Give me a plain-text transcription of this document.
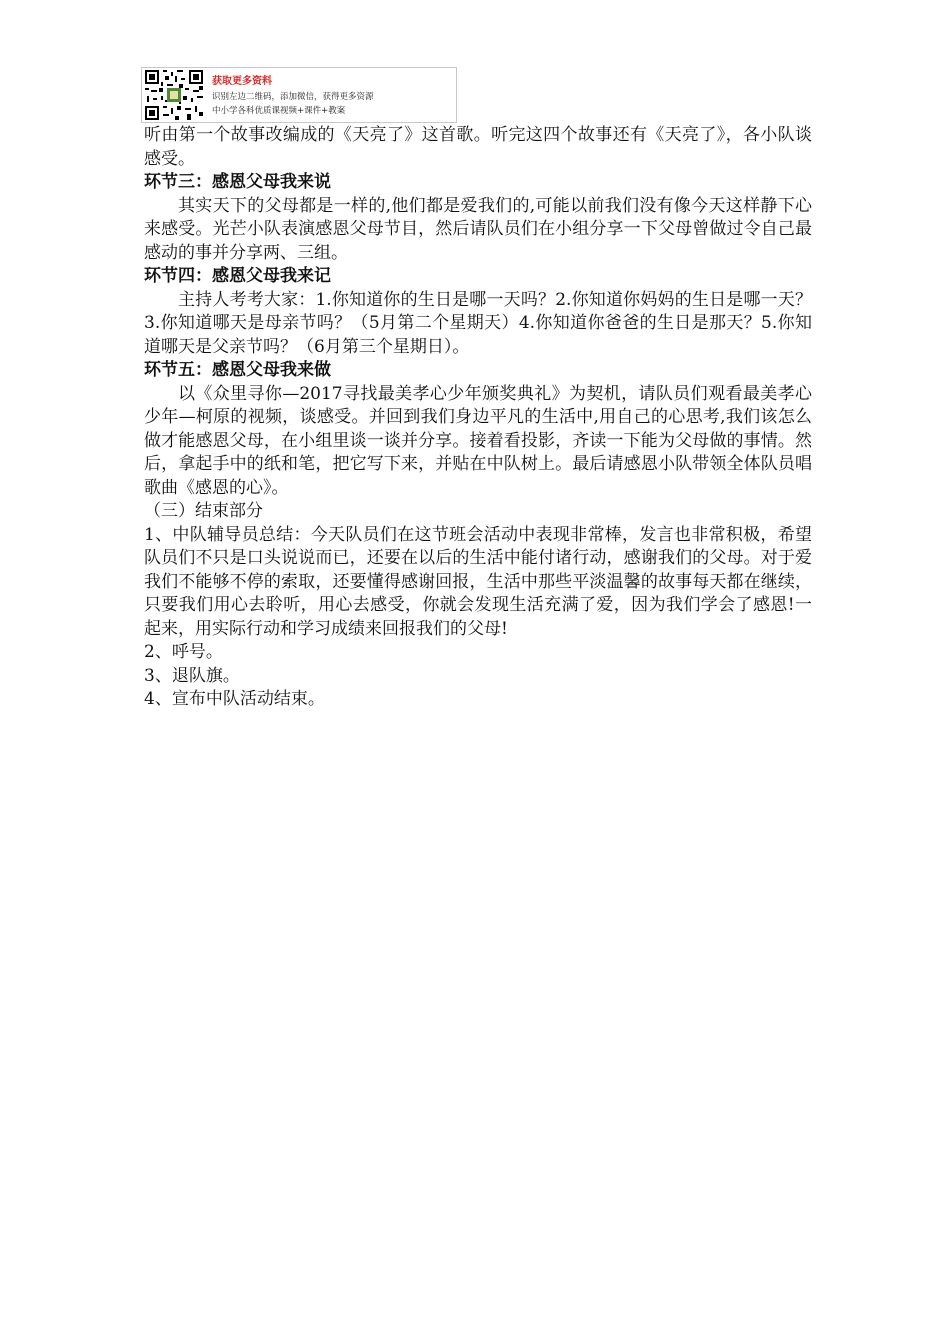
获取更多资料
识别左边二维码，添加微信，获得更多资源
中小学各科优质课视频+课件+教案

听由第一个故事改编成的《天亮了》这首歌。听完这四个故事还有《天亮了》，各小队谈感受。

环节三：感恩父母我来说

其实天下的父母都是一样的,他们都是爱我们的,可能以前我们没有像今天这样静下心来感受。光芒小队表演感恩父母节目，然后请队员们在小组分享一下父母曾做过令自己最感动的事并分享两、三组。

环节四：感恩父母我来记

主持人考考大家：1.你知道你的生日是哪一天吗？2.你知道你妈妈的生日是哪一天？3.你知道哪天是母亲节吗？（5月第二个星期天）4.你知道你爸爸的生日是那天？5.你知道哪天是父亲节吗？（6月第三个星期日）。

环节五：感恩父母我来做

以《众里寻你—2017寻找最美孝心少年颁奖典礼》为契机，请队员们观看最美孝心少年—柯原的视频，谈感受。并回到我们身边平凡的生活中,用自己的心思考,我们该怎么做才能感恩父母，在小组里谈一谈并分享。接着看投影，齐读一下能为父母做的事情。然后，拿起手中的纸和笔，把它写下来，并贴在中队树上。最后请感恩小队带领全体队员唱歌曲《感恩的心》。

（三）结束部分

1、中队辅导员总结：今天队员们在这节班会活动中表现非常棒，发言也非常积极，希望队员们不只是口头说说而已，还要在以后的生活中能付诸行动，感谢我们的父母。对于爱我们不能够不停的索取，还要懂得感谢回报，生活中那些平淡温馨的故事每天都在继续，只要我们用心去聆听，用心去感受，你就会发现生活充满了爱，因为我们学会了感恩!一起来，用实际行动和学习成绩来回报我们的父母!

2、呼号。

3、退队旗。

4、宣布中队活动结束。
